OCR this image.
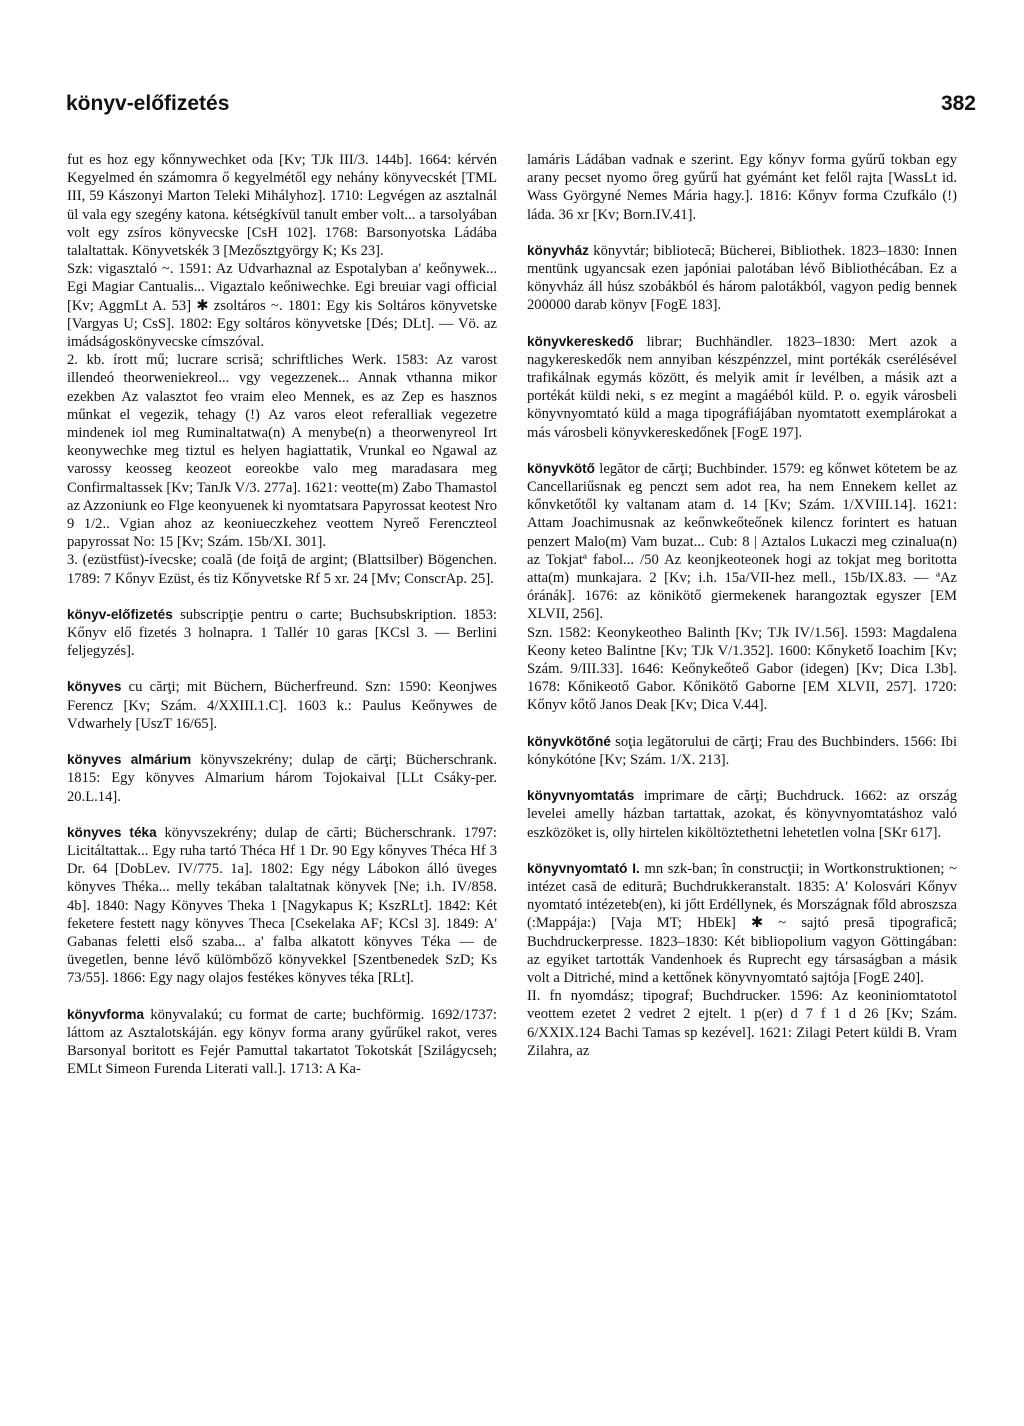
könyv-előfizetés	382

fut es hoz egy kőnnywechket oda [Kv; TJk III/3. 144b]. 1664: kérvén Kegyelmed én számomra ő kegyelmétől egy nehány könyvecskét [TML III, 59 Kászonyi Marton Teleki Mihályhoz]. 1710: Legvégen az asztalnál ül vala egy szegény katona. kétségkívül tanult ember volt... a tarsolyában volt egy zsíros könyvecske [CsH 102]. 1768: Barsonyotska Ládába talaltattak. Könyvetskék 3 [Mezősztgyörgy K; Ks 23].

Szk: vigasztaló ~. 1591: Az Udvarhaznal az Espotalyban a' keőnywek... Egi Magiar Cantualis... Vigaztalo keőniwechke. Egi breuiar vagi official [Kv; AggmLt A. 53] ✱ zsoltáros ~. 1801: Egy kis Soltáros könyvetske [Vargyas U; CsS]. 1802: Egy soltáros könyvetske [Dés; DLt]. — Vö. az imádságoskönyvecske címszóval.

2. kb. írott mű; lucrare scrisă; schriftliches Werk. 1583: Az varost illendeó theorweniekreol... vgy vegezzenek... Annak vthanna mikor ezekben Az valasztot feo vraim eleo Mennek, es az Zep es hasznos műnkat el vegezik, tehagy (!) Az varos eleot referalliak vegezetre mindenek iol meg Ruminaltatwa(n) A menybe(n) a theorwenyreol Irt keonywechke meg tiztul es helyen hagiattatik, Vrunkal eo Ngawal az varossy keosseg keozeot eoreokbe valo meg maradasara meg Confirmaltassek [Kv; TanJk V/3. 277a]. 1621: veotte(m) Zabo Thamastol az Azzoniunk eo Flge keonyuenek ki nyomtatsara Papyrossat keotest Nro 9 1/2.. Vgian ahoz az keoniueczkehez veottem Nyreő Ferenczteol papyrossat No: 15 [Kv; Szám. 15b/XI. 301].

3. (ezüstfüst)-ívecske; coală (de foiţă de argint; (Blattsilber) Bögenchen. 1789: 7 Kőnyv Ezüst, és tiz Kőnyvetske Rf 5 xr. 24 [Mv; ConscrAp. 25].

könyv-előfizetés subscripţie pentru o carte; Buchsubskription. 1853: Kőnyv elő fizetés 3 holnapra. 1 Tallér 10 garas [KCsl 3. — Berlini feljegyzés].

könyves cu cărţi; mit Büchern, Bücherfreund. Szn: 1590: Keonjwes Ferencz [Kv; Szám. 4/XXIII.1.C]. 1603 k.: Paulus Keőnywes de Vdwarhely [UszT 16/65].

könyves almárium könyvszekrény; dulap de cărţi; Bücherschrank. 1815: Egy könyves Almarium három Tojokaival [LLt Csáky-per. 20.L.14].

könyves téka könyvszekrény; dulap de cărti; Bücherschrank. 1797: Licitáltattak... Egy ruha tartó Théca Hf 1 Dr. 90 Egy kőnyves Théca Hf 3 Dr. 64 [DobLev. IV/775. 1a]. 1802: Egy négy Lábokon álló üveges könyves Théka... melly tekában talaltatnak könyvek [Ne; i.h. IV/858. 4b]. 1840: Nagy Könyves Theka 1 [Nagykapus K; KszRLt]. 1842: Két feketere festett nagy könyves Theca [Csekelaka AF; KCsl 3]. 1849: A' Gabanas feletti első szaba... a' falba alkatott könyves Téka — de üvegetlen, benne lévő külömbőző könyvekkel [Szentbenedek SzD; Ks 73/55]. 1866: Egy nagy olajos festékes könyves téka [RLt].

könyvforma könyvalakú; cu format de carte; buchförmig. 1692/1737: láttom az Asztalotskáján. egy könyv forma arany gyűrűkel rakot, veres Barsonyal boritott es Fejér Pamuttal takartatot Tokotskát [Szilágycseh; EMLt Simeon Furenda Literati vall.]. 1713: A Ka-

lamáris Ládában vadnak e szerint. Egy kőnyv forma gyűrű tokban egy arany pecset nyomo őreg gyűrű hat gyémánt ket felől rajta [WassLt id. Wass Györgyné Nemes Mária hagy.]. 1816: Kőnyv forma Czufkálo (!) láda. 36 xr [Kv; Born.IV.41].

könyvház könyvtár; bibliotecă; Bücherei, Bibliothek. 1823–1830: Innen mentünk ugyancsak ezen japóniai palotában lévő Bibliothécában. Ez a könyvház áll húsz szobákból és három palotákból, vagyon pedig bennek 200000 darab könyv [FogE 183].

könyvkereskedő librar; Buchhändler. 1823–1830: Mert azok a nagykereskedők nem annyiban készpénzzel, mint portékák cserélésével trafikálnak egymás között, és melyik amit ír levélben, a másik azt a portékát küldi neki, s ez megint a magáéból küld. P. o. egyik városbeli könyvnyomtató küld a maga tipográfiájában nyomtatott exemplárokat a más városbeli könyvkereskedőnek [FogE 197].

könyvkötő legător de cărţi; Buchbinder. 1579: eg kőnwet kötetem be az Cancellariűsnak eg penczt sem adot rea, ha nem Ennekem kellet az kőnvketőtől ky valtanam atam d. 14 [Kv; Szám. 1/XVIII.14]. 1621: Attam Joachimusnak az keőnwkeőteőnek kilencz forintert es hatuan penzert Malo(m) Vam buzat... Cub: 8 | Aztalos Lukaczi meg czinalua(n) az Tokjatª fabol... /50 Az keonjkeoteonek hogi az tokjat meg boritotta atta(m) munkajara. 2 [Kv; i.h. 15a/VII-hez mell., 15b/IX.83. — ªAz óránák]. 1676: az könikötő giermekenek harangoztak egyszer [EM XLVII, 256].

Szn. 1582: Keonykeotheo Balinth [Kv; TJk IV/1.56]. 1593: Magdalena Keony keteo Balintne [Kv; TJk V/1.352]. 1600: Kőnykető Ioachim [Kv; Szám. 9/III.33]. 1646: Keőnykeőteő Gabor (idegen) [Kv; Dica I.3b]. 1678: Kőnikeotő Gabor. Kőnikötő Gaborne [EM XLVII, 257]. 1720: Kőnyv kőtő Janos Deak [Kv; Dica V.44].

könyvkötőné soţia legătorului de cărţi; Frau des Buchbinders. 1566: Ibi kónykótóne [Kv; Szám. 1/X. 213].

könyvnyomtatás imprimare de cărţi; Buchdruck. 1662: az ország levelei amelly házban tartattak, azokat, és könyvnyomtatáshoz való eszközöket is, olly hirtelen kiköltöztethetni lehetetlen volna [SKr 617].

könyvnyomtató I. mn szk-ban; în construcţii; in Wortkonstruktionen; ~ intézet casă de editură; Buchdrukkeranstalt. 1835: A' Kolosvári Kőnyv nyomtató intézeteb(en), ki jőtt Erdéllynek, és Mországnak főld abroszsza (:Mappája:) [Vaja MT; HbEk] ✱ ~ sajtó presă tipografică; Buchdruckerpresse. 1823–1830: Két bibliopolium vagyon Göttingában: az egyiket tartották Vandenhoek és Ruprecht egy társaságban a másik volt a Ditriché, mind a kettőnek könyvnyomtató sajtója [FogE 240].

II. fn nyomdász; tipograf; Buchdrucker. 1596: Az keoniniomtatotol veottem ezetet 2 vedret 2 ejtelt. 1 p(er) d 7 f 1 d 26 [Kv; Szám. 6/XXIX.124 Bachi Tamas sp kezével]. 1621: Zilagi Petert küldi B. Vram Zilahra, az
